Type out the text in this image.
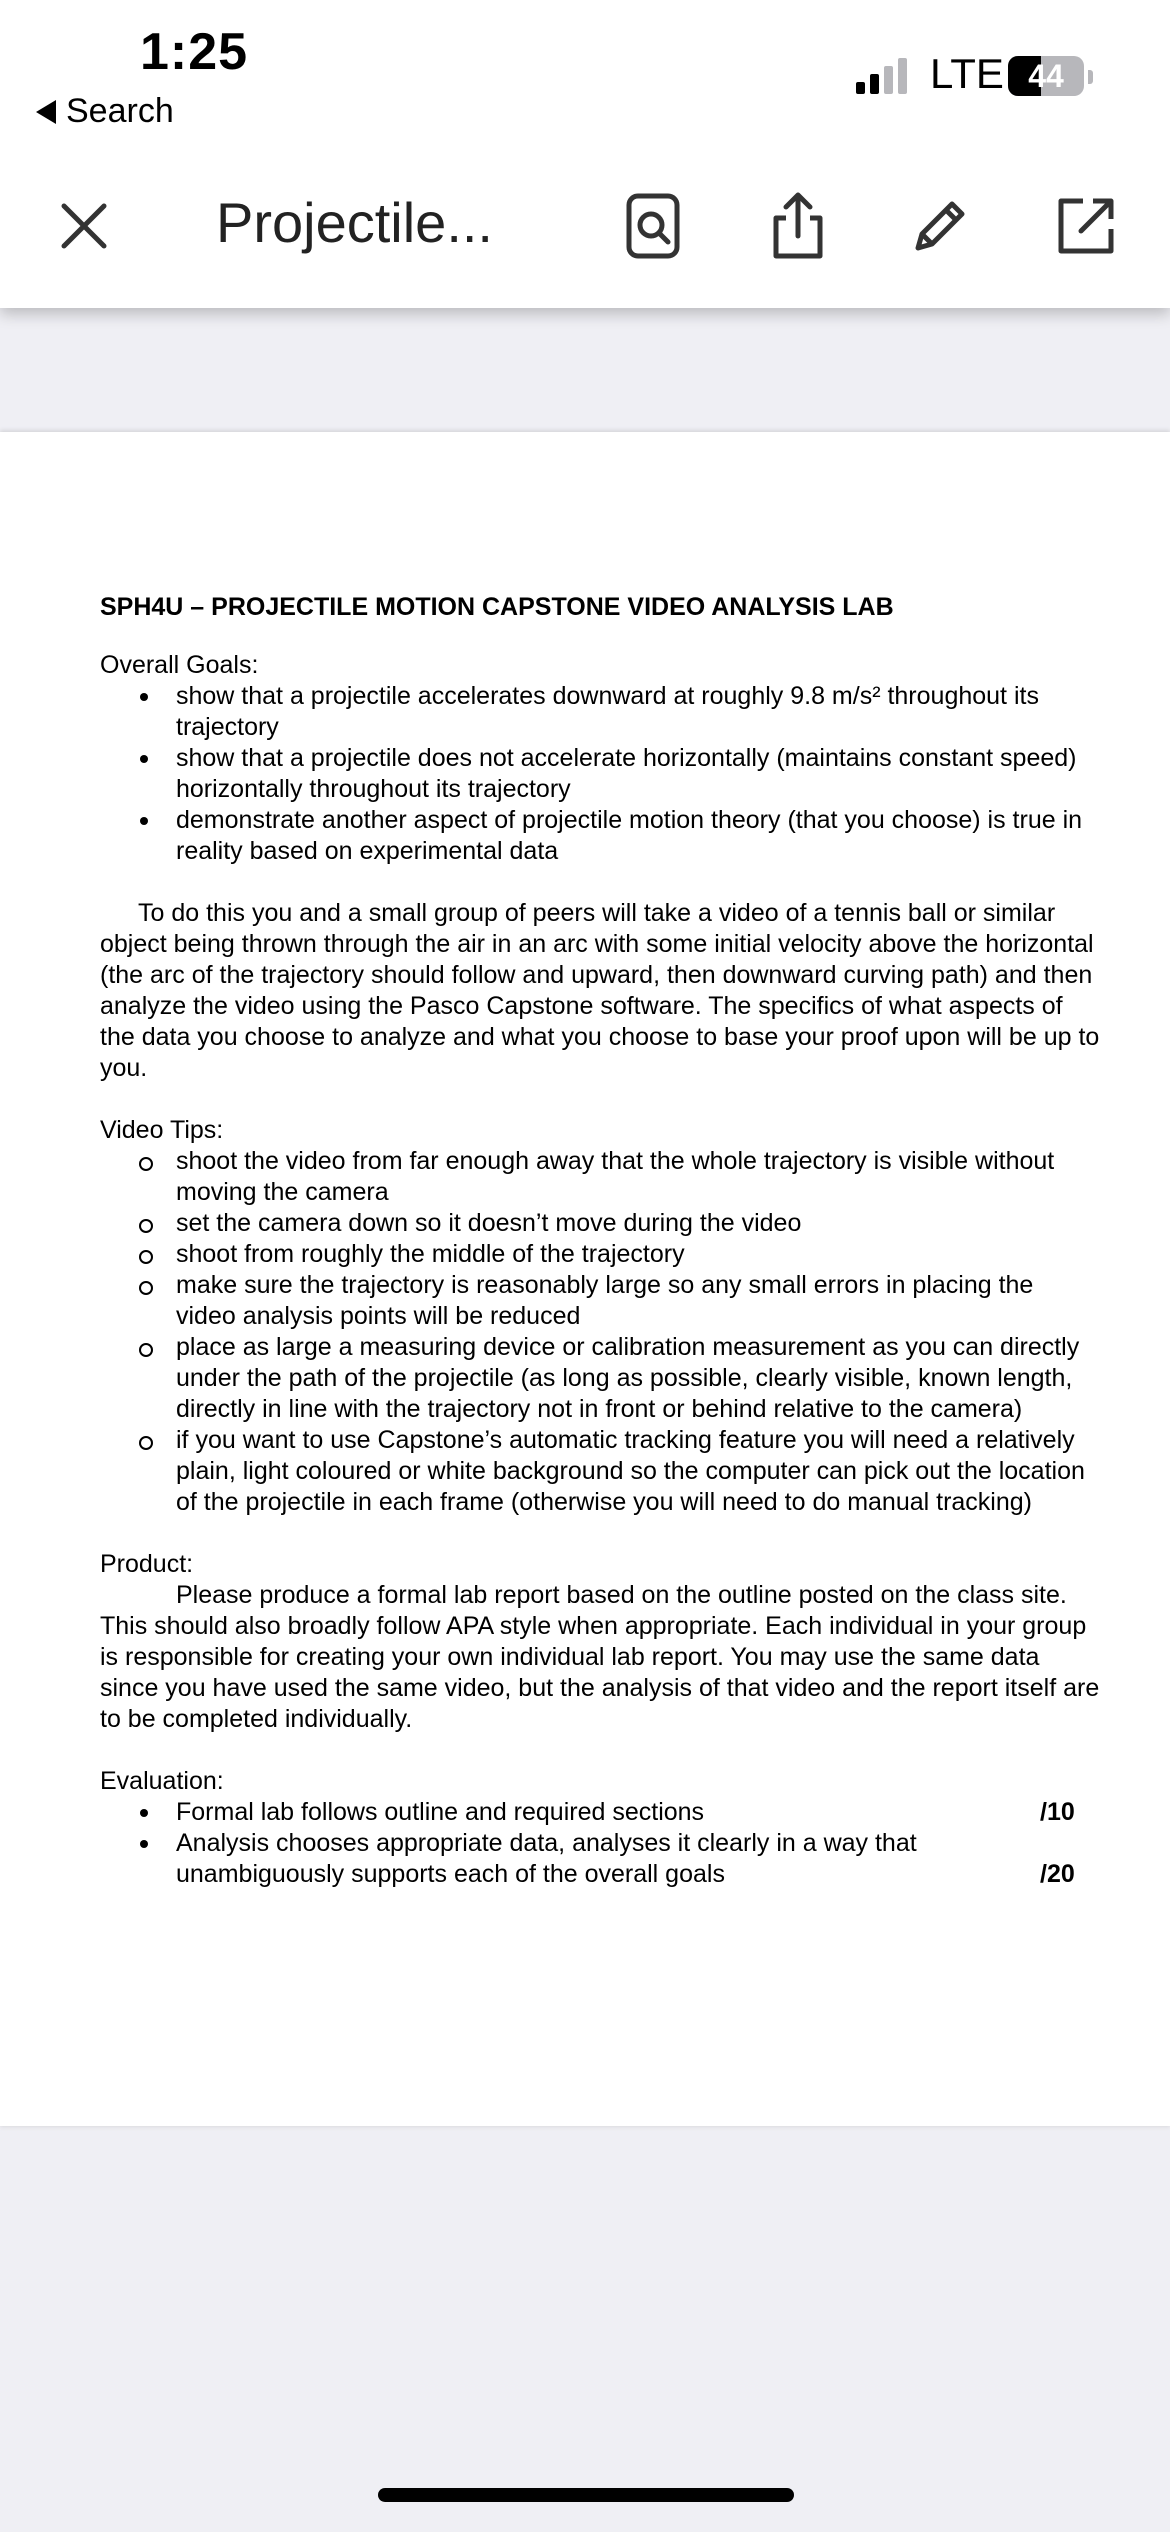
1:25
Search
LTE 44
Projectile...
SPH4U – PROJECTILE MOTION CAPSTONE VIDEO ANALYSIS LAB
Overall Goals:
show that a projectile accelerates downward at roughly 9.8 m/s² throughout its trajectory
show that a projectile does not accelerate horizontally (maintains constant speed) horizontally throughout its trajectory
demonstrate another aspect of projectile motion theory (that you choose) is true in reality based on experimental data
To do this you and a small group of peers will take a video of a tennis ball or similar object being thrown through the air in an arc with some initial velocity above the horizontal (the arc of the trajectory should follow and upward, then downward curving path) and then analyze the video using the Pasco Capstone software. The specifics of what aspects of the data you choose to analyze and what you choose to base your proof upon will be up to you.
Video Tips:
shoot the video from far enough away that the whole trajectory is visible without moving the camera
set the camera down so it doesn’t move during the video
shoot from roughly the middle of the trajectory
make sure the trajectory is reasonably large so any small errors in placing the video analysis points will be reduced
place as large a measuring device or calibration measurement as you can directly under the path of the projectile (as long as possible, clearly visible, known length, directly in line with the trajectory not in front or behind relative to the camera)
if you want to use Capstone’s automatic tracking feature you will need a relatively plain, light coloured or white background so the computer can pick out the location of the projectile in each frame (otherwise you will need to do manual tracking)
Product:
Please produce a formal lab report based on the outline posted on the class site. This should also broadly follow APA style when appropriate. Each individual in your group is responsible for creating your own individual lab report. You may use the same data since you have used the same video, but the analysis of that video and the report itself are to be completed individually.
Evaluation:
Formal lab follows outline and required sections	/10
Analysis chooses appropriate data, analyses it clearly in a way that unambiguously supports each of the overall goals	/20
